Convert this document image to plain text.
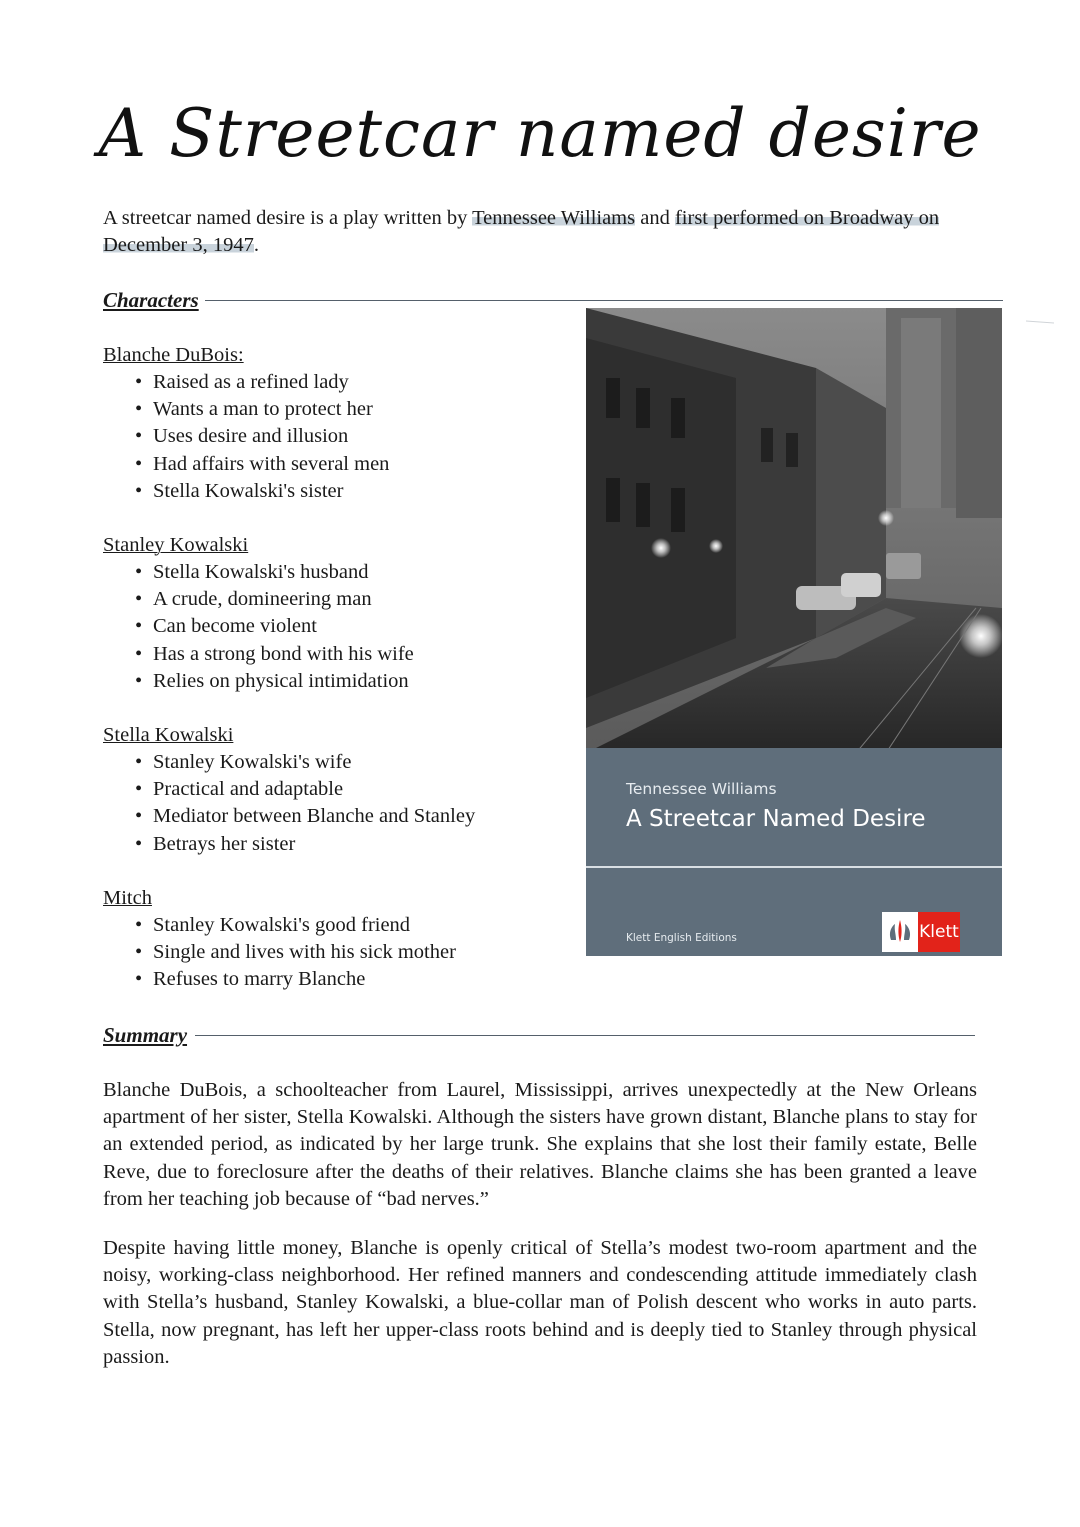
A Streetcar named desire

A streetcar named desire is a play written by Tennessee Williams and first performed on Broadway on December 3, 1947.

Characters
Blanche DuBois:
• Raised as a refined lady
• Wants a man to protect her
• Uses desire and illusion
• Had affairs with several men
• Stella Kowalski's sister
Stanley Kowalski
• Stella Kowalski's husband
• A crude, domineering man
• Can become violent
• Has a strong bond with his wife
• Relies on physical intimidation
Stella Kowalski
• Stanley Kowalski's wife
• Practical and adaptable
• Mediator between Blanche and Stanley
• Betrays her sister
Mitch
• Stanley Kowalski's good friend
• Single and lives with his sick mother
• Refuses to marry Blanche
Tennessee Williams
A Streetcar Named Desire
Klett English Editions	Klett
Summary

Blanche DuBois, a schoolteacher from Laurel, Mississippi, arrives unexpectedly at the New Orleans apartment of her sister, Stella Kowalski. Although the sisters have grown distant, Blanche plans to stay for an extended period, as indicated by her large trunk. She explains that she lost their family estate, Belle Reve, due to foreclosure after the deaths of their relatives. Blanche claims she has been granted a leave from her teaching job because of “bad nerves.”

Despite having little money, Blanche is openly critical of Stella’s modest two-room apartment and the noisy, working-class neighborhood. Her refined manners and condescending attitude immediately clash with Stella’s husband, Stanley Kowalski, a blue-collar man of Polish descent who works in auto parts. Stella, now pregnant, has left her upper-class roots behind and is deeply tied to Stanley through physical passion.
